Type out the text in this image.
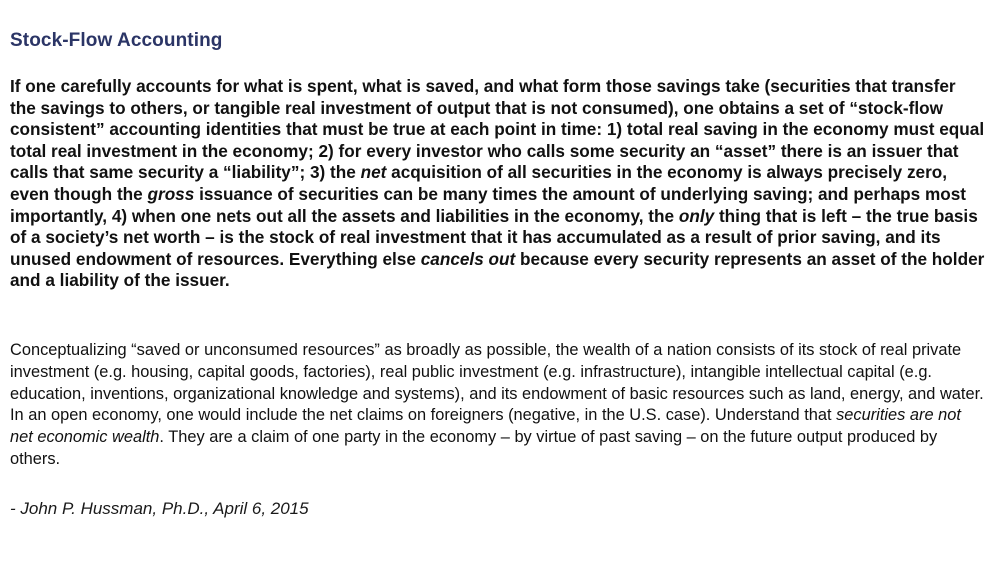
Stock-Flow Accounting

If one carefully accounts for what is spent, what is saved, and what form those savings take (securities that transfer the savings to others, or tangible real investment of output that is not consumed), one obtains a set of “stock-flow consistent” accounting identities that must be true at each point in time: 1) total real saving in the economy must equal total real investment in the economy; 2) for every investor who calls some security an “asset” there is an issuer that calls that same security a “liability”; 3) the net acquisition of all securities in the economy is always precisely zero, even though the gross issuance of securities can be many times the amount of underlying saving; and perhaps most importantly, 4) when one nets out all the assets and liabilities in the economy, the only thing that is left – the true basis of a society’s net worth – is the stock of real investment that it has accumulated as a result of prior saving, and its unused endowment of resources. Everything else cancels out because every security represents an asset of the holder and a liability of the issuer.

Conceptualizing “saved or unconsumed resources” as broadly as possible, the wealth of a nation consists of its stock of real private investment (e.g. housing, capital goods, factories), real public investment (e.g. infrastructure), intangible intellectual capital (e.g. education, inventions, organizational knowledge and systems), and its endowment of basic resources such as land, energy, and water. In an open economy, one would include the net claims on foreigners (negative, in the U.S. case). Understand that securities are not net economic wealth. They are a claim of one party in the economy – by virtue of past saving – on the future output produced by others.

- John P. Hussman, Ph.D., April 6, 2015
